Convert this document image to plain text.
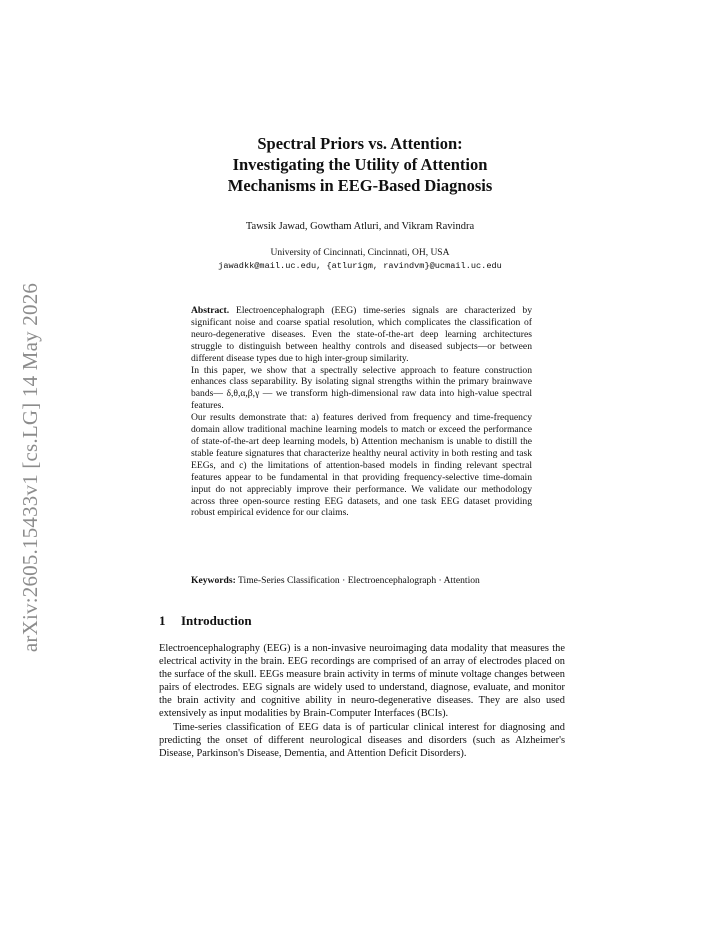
arXiv:2605.15433v1 [cs.LG] 14 May 2026
Spectral Priors vs. Attention:
Investigating the Utility of Attention
Mechanisms in EEG-Based Diagnosis
Tawsik Jawad, Gowtham Atluri, and Vikram Ravindra
University of Cincinnati, Cincinnati, OH, USA
jawadkk@mail.uc.edu, {atlurigm, ravindvm}@ucmail.uc.edu

Abstract. Electroencephalograph (EEG) time-series signals are characterized by significant noise and coarse spatial resolution, which complicates the classification of neuro-degenerative diseases. Even the state-of-the-art deep learning architectures struggle to distinguish between healthy controls and diseased subjects—or between different disease types due to high inter-group similarity.

In this paper, we show that a spectrally selective approach to feature construction enhances class separability. By isolating signal strengths within the primary brainwave bands— δ,θ,α,β,γ — we transform high-dimensional raw data into high-value spectral features.

Our results demonstrate that: a) features derived from frequency and time-frequency domain allow traditional machine learning models to match or exceed the performance of state-of-the-art deep learning models, b) Attention mechanism is unable to distill the stable feature signatures that characterize healthy neural activity in both resting and task EEGs, and c) the limitations of attention-based models in finding relevant spectral features appear to be fundamental in that providing frequency-selective time-domain input do not appreciably improve their performance. We validate our methodology across three open-source resting EEG datasets, and one task EEG dataset providing robust empirical evidence for our claims.

Keywords: Time-Series Classification · Electroencephalograph · Attention
1 Introduction

Electroencephalography (EEG) is a non-invasive neuroimaging data modality that measures the electrical activity in the brain. EEG recordings are comprised of an array of electrodes placed on the surface of the skull. EEGs measure brain activity in terms of minute voltage changes between pairs of electrodes. EEG signals are widely used to understand, diagnose, evaluate, and monitor the brain activity and cognitive ability in neuro-degenerative diseases. They are also used extensively as input modalities by Brain-Computer Interfaces (BCIs).

Time-series classification of EEG data is of particular clinical interest for diagnosing and predicting the onset of different neurological diseases and disorders (such as Alzheimer's Disease, Parkinson's Disease, Dementia, and Attention Deficit Disorders).
